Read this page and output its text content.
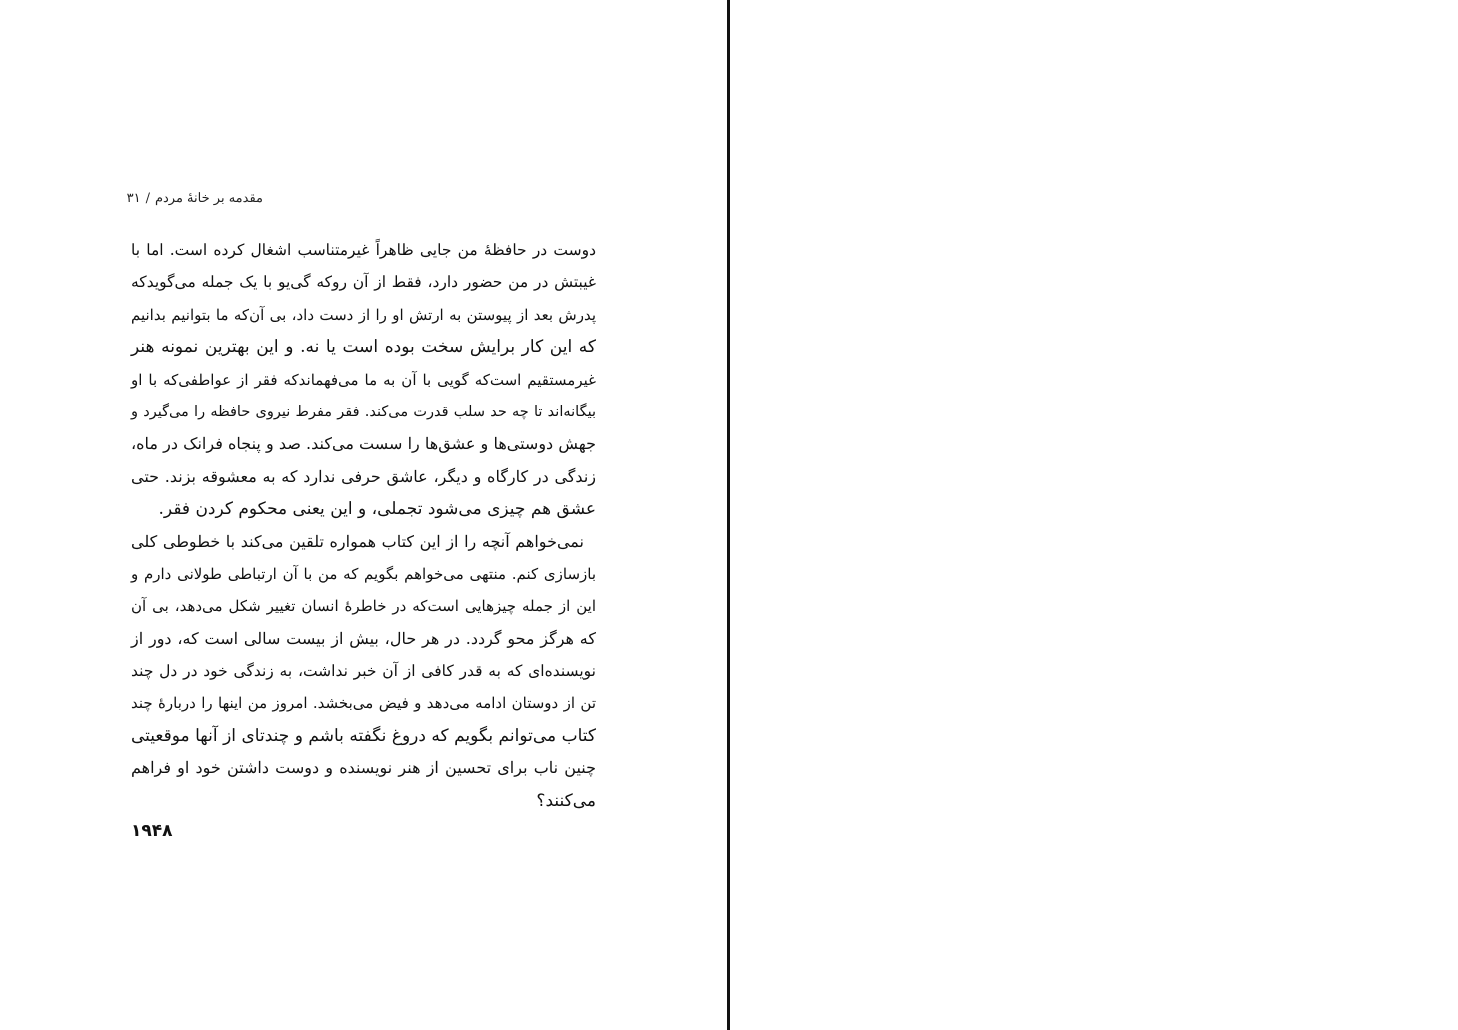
مقدمه بر خانۀ مردم/۳۱
دوست در حافظۀ من جایی ظاهراً غیرمتناسب اشغال کرده است. اما با
غیبتش در من حضور دارد، فقط از آن روکه گی‌یو با یک جمله می‌گوید‌که
پدرش بعد از پیوستن به ارتش او را از دست داد، بی آن‌که ما بتوانیم بدانیم
که این کار برایش سخت بوده است یا نه. و این بهترین نمونه هنر
غیرمستقیم است‌که گویی با آن به ما می‌فهماند‌که فقر از عواطفی‌که با او
بیگانه‌اند تا چه حد سلب قدرت می‌کند. فقر مفرط نیروی حافظه را می‌گیرد و
جهش دوستی‌ها و عشق‌ها را سست می‌کند. صد و پنجاه فرانک در ماه،
زندگی در کارگاه و دیگر، عاشق حرفی ندارد که به معشوقه بزند. حتی
عشق هم چیزی می‌شود تجملی، و این یعنی محکوم کردن فقر.
نمی‌خواهم آنچه را از این کتاب همواره تلقین می‌کند با خطوطی کلی
بازسازی کنم. منتهی می‌خواهم بگویم که من با آن ارتباطی طولانی دارم و
این از جمله چیزهایی است‌که در خاطرۀ انسان تغییر شکل می‌دهد، بی آن
که هرگز محو گردد. در هر حال، بیش از بیست سالی است که، دور از
نویسنده‌ای که به قدر کافی از آن خبر نداشت، به زندگی خود در دل چند
تن از دوستان ادامه می‌دهد و فیض می‌بخشد. امروز من اینها را دربارۀ چند
کتاب می‌توانم بگویم که دروغ نگفته باشم و چندتای از آنها موقعیتی
چنین ناب برای تحسین از هنر نویسنده و دوست داشتن خود او فراهم
می‌کنند؟
۱۹۴۸
